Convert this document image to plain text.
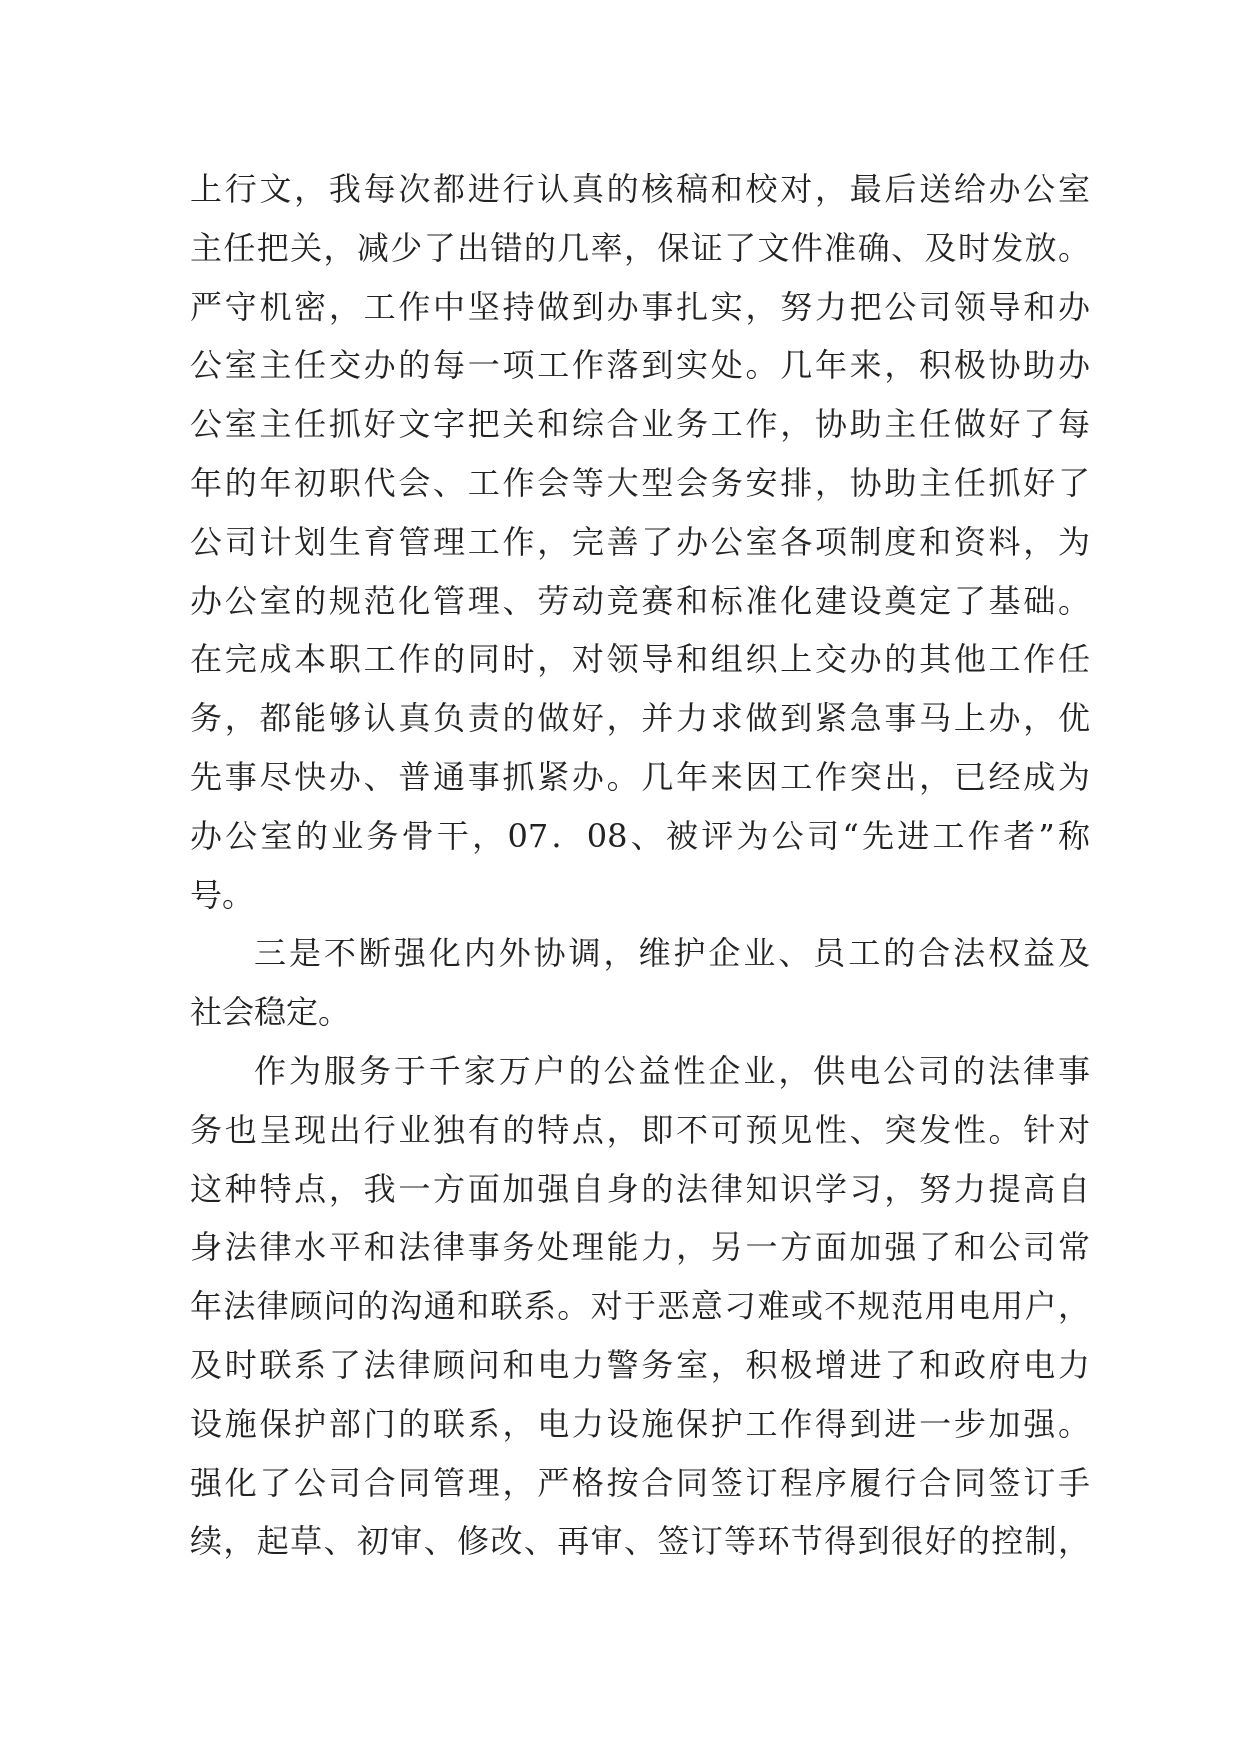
上行文，我每次都进行认真的核稿和校对，最后送给办公室
主任把关，减少了出错的几率，保证了文件准确、及时发放。
严守机密，工作中坚持做到办事扎实，努力把公司领导和办
公室主任交办的每一项工作落到实处。几年来，积极协助办
公室主任抓好文字把关和综合业务工作，协助主任做好了每
年的年初职代会、工作会等大型会务安排，协助主任抓好了
公司计划生育管理工作，完善了办公室各项制度和资料，为
办公室的规范化管理、劳动竞赛和标准化建设奠定了基础。
在完成本职工作的同时，对领导和组织上交办的其他工作任
务，都能够认真负责的做好，并力求做到紧急事马上办，优
先事尽快办、普通事抓紧办。几年来因工作突出，已经成为
办公室的业务骨干，07．08、被评为公司“先进工作者”称
号。
三是不断强化内外协调，维护企业、员工的合法权益及
社会稳定。
作为服务于千家万户的公益性企业，供电公司的法律事
务也呈现出行业独有的特点，即不可预见性、突发性。针对
这种特点，我一方面加强自身的法律知识学习，努力提高自
身法律水平和法律事务处理能力，另一方面加强了和公司常
年法律顾问的沟通和联系。对于恶意刁难或不规范用电用户，
及时联系了法律顾问和电力警务室，积极增进了和政府电力
设施保护部门的联系，电力设施保护工作得到进一步加强。
强化了公司合同管理，严格按合同签订程序履行合同签订手
续，起草、初审、修改、再审、签订等环节得到很好的控制，
